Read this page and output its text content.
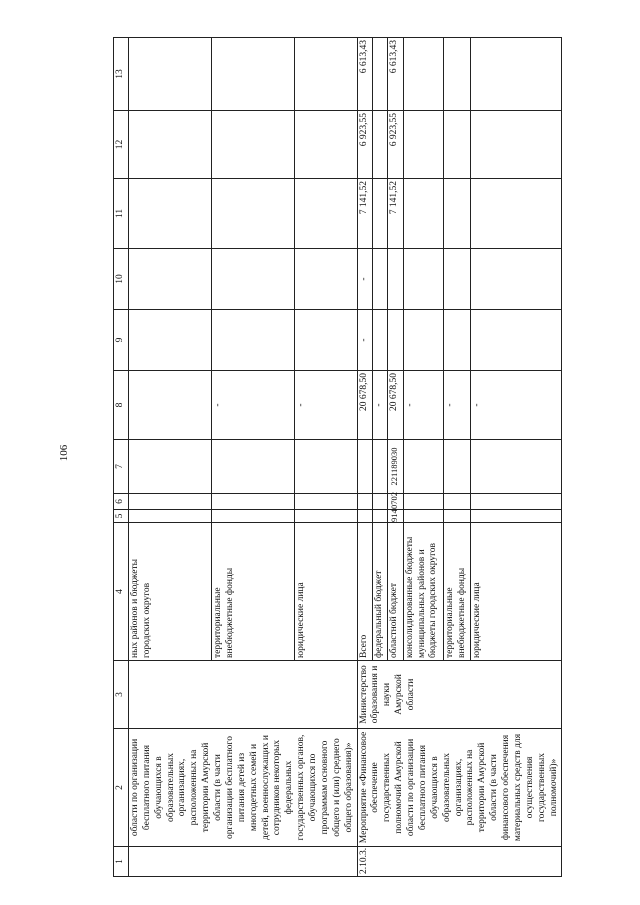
106
1	2	3	4	5	6	7	8	9	10	11	12	13
	области по организации бесплатного питания обучающихся в образовательных организациях, расположенных на территории Амурской области (в части организации бесплатного питания детей из многодетных семей и детей, военнослужащих и сотрудников некоторых федеральных государственных органов, обучающихся по программам основного общего и (или) среднего общего образования)»		ных районов и бюджеты городских округов									
			территориальные внебюджетные фонды				-					
			юридические лица				-					
2.10.3.	Мероприятие «Финансовое обеспечение государственных полномочий Амурской области по организации бесплатного питания обучающихся в образовательных организациях, расположенных на территории Амурской области (в части финансового обеспечения материальных средств для осуществления государственных полномочий)»	Министерство образования и науки Амурской области	Всего				20 678,50	-	-	7 141,52	6 923,55	6 613,43
			федеральный бюджет				-					
			областной бюджет	914	0702	221189030	20 678,50			7 141,52	6 923,55	6 613,43
			консолидированные бюджеты муниципальных районов и бюджеты городских округов				-					
			территориальные внебюджетные фонды				-					
			юридические лица				-					
